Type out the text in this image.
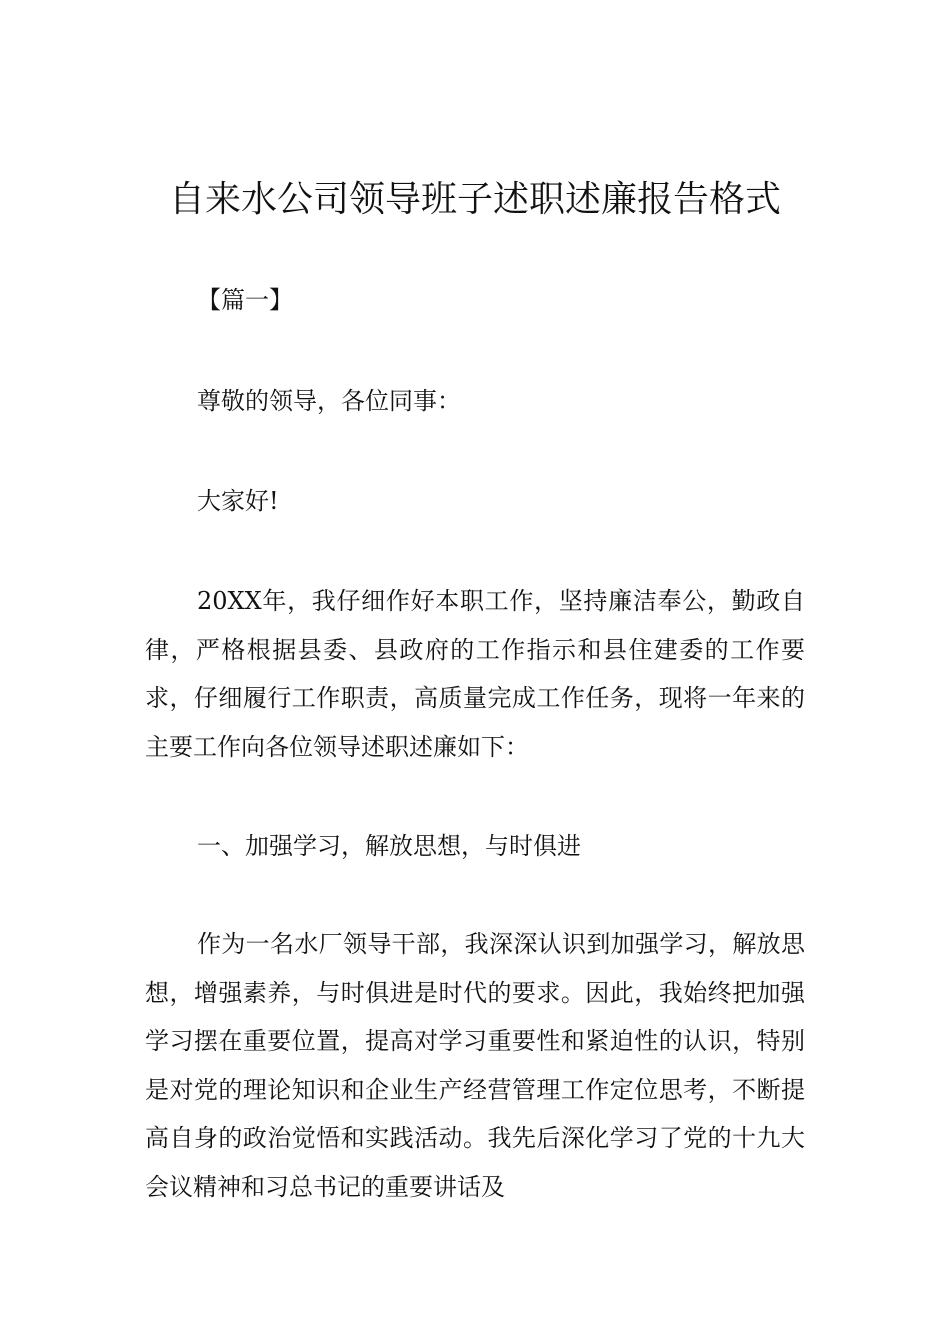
自来水公司领导班子述职述廉报告格式

【篇一】

尊敬的领导，各位同事：

大家好!

20XX年，我仔细作好本职工作，坚持廉洁奉公，勤政自律，严格根据县委、县政府的工作指示和县住建委的工作要求，仔细履行工作职责，高质量完成工作任务，现将一年来的主要工作向各位领导述职述廉如下：

一、加强学习，解放思想，与时俱进

作为一名水厂领导干部，我深深认识到加强学习，解放思想，增强素养，与时俱进是时代的要求。因此，我始终把加强学习摆在重要位置，提高对学习重要性和紧迫性的认识，特别是对党的理论知识和企业生产经营管理工作定位思考，不断提高自身的政治觉悟和实践活动。我先后深化学习了党的十九大会议精神和习总书记的重要讲话及
